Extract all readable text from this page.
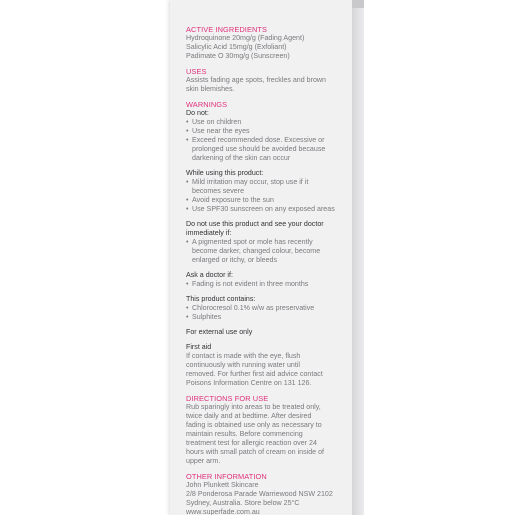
ACTIVE INGREDIENTS
Hydroquinone 20mg/g (Fading Agent)
Salicylic Acid 15mg/g (Exfoliant)
Padimate O 30mg/g (Sunscreen)
USES
Assists fading age spots, freckles and brown
skin blemishes.
WARNINGS
Do not:
• Use on children
• Use near the eyes
• Exceed recommended dose. Excessive or
prolonged use should be avoided because
darkening of the skin can occur
While using this product:
• Mild irritation may occur, stop use if it
becomes severe
• Avoid exposure to the sun
• Use SPF30 sunscreen on any exposed areas
Do not use this product and see your doctor
immediately if:
• A pigmented spot or mole has recently
become darker, changed colour, become
enlarged or itchy, or bleeds
Ask a doctor if:
• Fading is not evident in three months
This product contains:
• Chlorocresol 0.1% w/w as preservative
• Sulphites
For external use only
First aid
If contact is made with the eye, flush
continuously with running water until
removed. For further first aid advice contact
Poisons Information Centre on 131 126.
DIRECTIONS FOR USE
Rub sparingly into areas to be treated only,
twice daily and at bedtime. After desired
fading is obtained use only as necessary to
maintain results. Before commencing
treatment test for allergic reaction over 24
hours with small patch of cream on inside of
upper arm.
OTHER INFORMATION
John Plunkett Skincare
2/8 Ponderosa Parade Warriewood NSW 2102
Sydney, Australia. Store below 25°C
www.superfade.com.au
